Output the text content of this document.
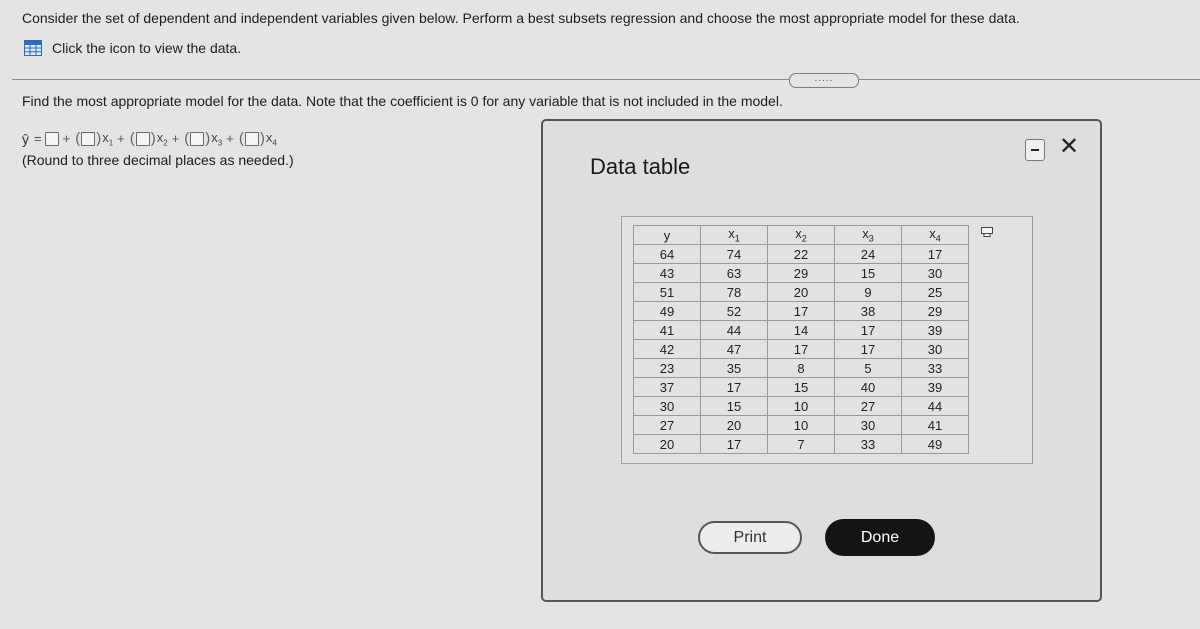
Consider the set of dependent and independent variables given below. Perform a best subsets regression and choose the most appropriate model for these data.
Click the icon to view the data.
.....
Find the most appropriate model for the data. Note that the coefficient is 0 for any variable that is not included in the model.
ŷ = + ( ) $x_1$ + ( ) $x_2$ + ( ) $x_3$ + ( ) $x_4$
(Round to three decimal places as needed.)	Data table
✕
y	$x_1$	$x_2$	$x_3$	$x_4$
64	74	22	24	17
43	63	29	15	30
51	78	20	9	25
49	52	17	38	29
41	44	14	17	39
42	47	17	17	30
23	35	8	5	33
37	17	15	40	39
30	15	10	27	44
27	20	10	30	41
20	17	7	33	49
Print	Done
